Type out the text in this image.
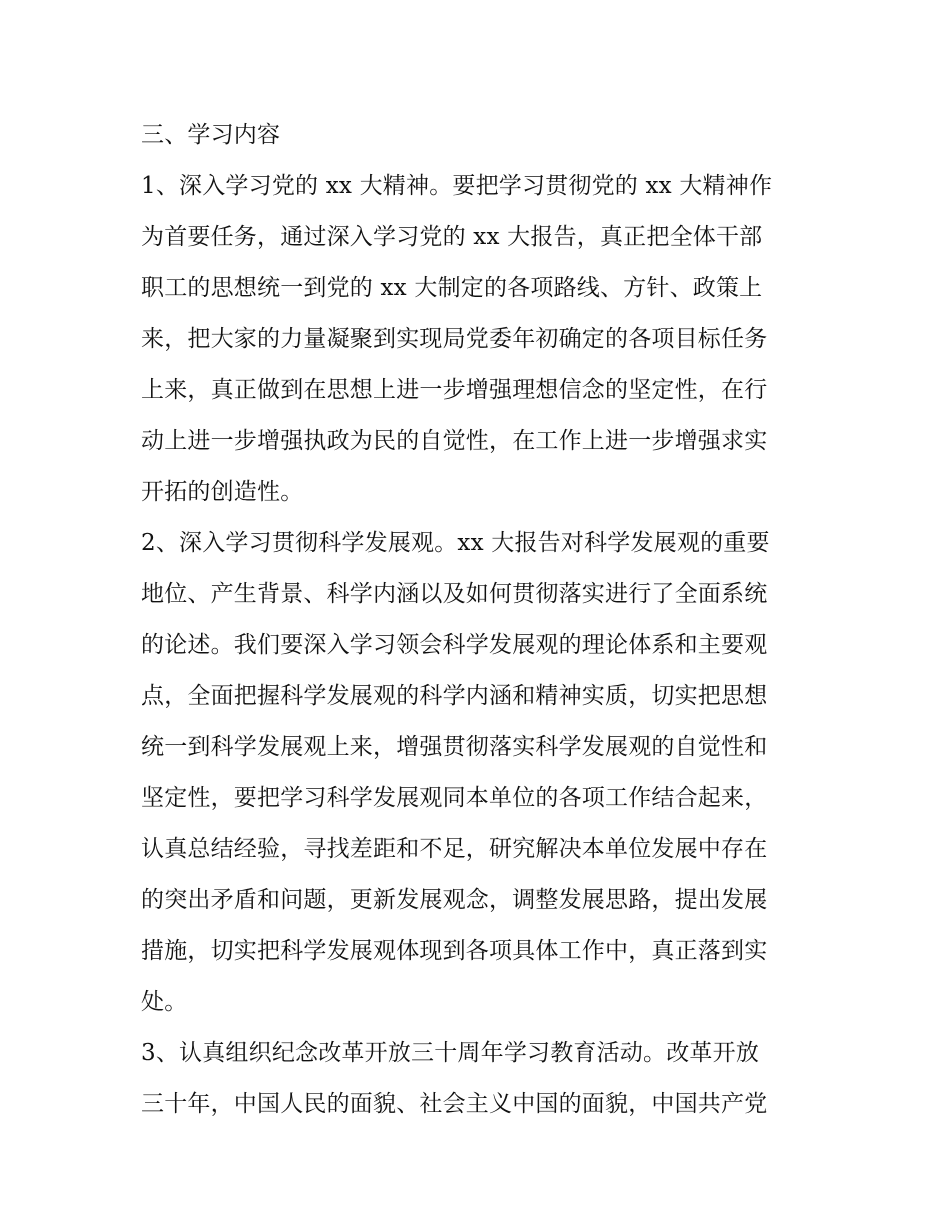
三、学习内容
1、深入学习党的 xx 大精神。要把学习贯彻党的 xx 大精神作
为首要任务，通过深入学习党的 xx 大报告，真正把全体干部
职工的思想统一到党的 xx 大制定的各项路线、方针、政策上
来，把大家的力量凝聚到实现局党委年初确定的各项目标任务
上来，真正做到在思想上进一步增强理想信念的坚定性，在行
动上进一步增强执政为民的自觉性，在工作上进一步增强求实
开拓的创造性。
2、深入学习贯彻科学发展观。xx 大报告对科学发展观的重要
地位、产生背景、科学内涵以及如何贯彻落实进行了全面系统
的论述。我们要深入学习领会科学发展观的理论体系和主要观
点，全面把握科学发展观的科学内涵和精神实质，切实把思想
统一到科学发展观上来，增强贯彻落实科学发展观的自觉性和
坚定性，要把学习科学发展观同本单位的各项工作结合起来，
认真总结经验，寻找差距和不足，研究解决本单位发展中存在
的突出矛盾和问题，更新发展观念，调整发展思路，提出发展
措施，切实把科学发展观体现到各项具体工作中，真正落到实
处。
3、认真组织纪念改革开放三十周年学习教育活动。改革开放
三十年，中国人民的面貌、社会主义中国的面貌，中国共产党
